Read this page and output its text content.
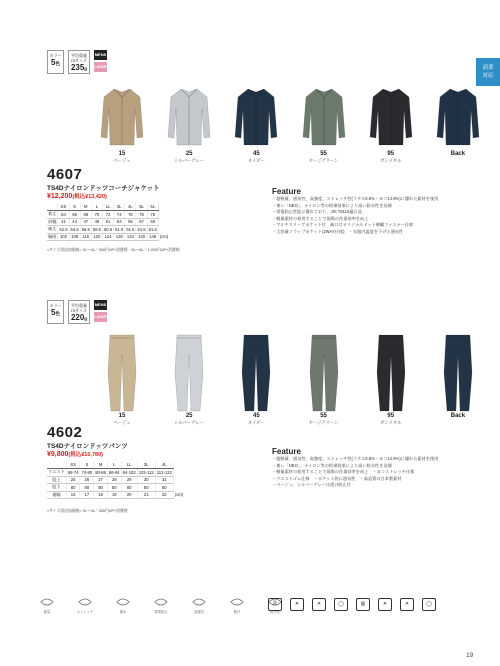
商業
対応
カラー
5色
平均重量
ｍサイズ
235g
MENS
LADIES
15
ベージュ
25
シルバーグレー
45
ネイビー
55
セージグリーン
95
ガンメタル
Back
4607
TS4Dナイロンドッツコーチジャケット
¥12,200(税込¥13,420)
	SS	S	M	L	LL	3L	4L	5L	6L	
着丈	64	66	68	70	72	74	76	76	76	
肩幅	41	44	47	49	51	53	55	57	59	
袖丈	52.5	54.5	56.5	58.5	60.5	61.5	61.5	61.5	61.5	
胸囲	102	109	116	120	124	128	134	140	146	(cm)
<サイズ別追加価格> 3L～4L／300円UP+消費税　5L～6L／1,000円UP+消費税
Feature
・超軽量、通気性、高強度、ストレッチ性(ラテル6.8%・ヨコ14.5%)に優れた素材を使用
・東レ「NEO」、ナイロン等の相乗効果により高い防水性を発揮
・帯電防止性能に優れており、JIS T8118適合品
・軽量素材の着用することで現場の作業効率を向上
・マルチスリーブポケット付　袖口はオリジナルドット刺繍ファスナー仕様
・大容量フラップポケット(2WAY仕様)　・衣服内温度を下げる通気性
カラー
5色
平均重量
ｍサイズ
220g
MENS
LADIES
15
ベージュ
25
シルバーグレー
45
ネイビー
55
セージグリーン
95
ガンメタル
Back
4602
TS4Dナイロンドッツパンツ
¥9,800(税込¥10,780)
	SS	S	M	L	LL	3L	4L	
ウエスト	68-74	74-80	80-86	86-94	94-102	102-112	112-122	
股上	25	26	27	28	29	30	31	
股下	80	80	80	80	80	80	80	
裾幅	15	17	18	19	20	21	22	(cm)
<サイズ別追加価格> 3L～4L／300円UP+消費税
Feature
・超軽量、通気性、高強度、ストレッチ性(ラテル6.8%・ヨコ14.5%)に優れた素材を使用
・東レ「NEO」、ナイロン等の相乗効果により高い防水性を発揮
・軽量素材の着用することで現場の作業効率を向上　・ヨコストレッチ仕様
・ウエストゴム仕様　・ポケット袋に通気性　・高品質の日本製素材
・ベージュ、シルバーグレーは透け防止付
軽量	ストレッチ	撥水	帯電防止	高通気	吸汗	防汚性
洗	✕	✕	◯	▥	✕	✕	◯
19
